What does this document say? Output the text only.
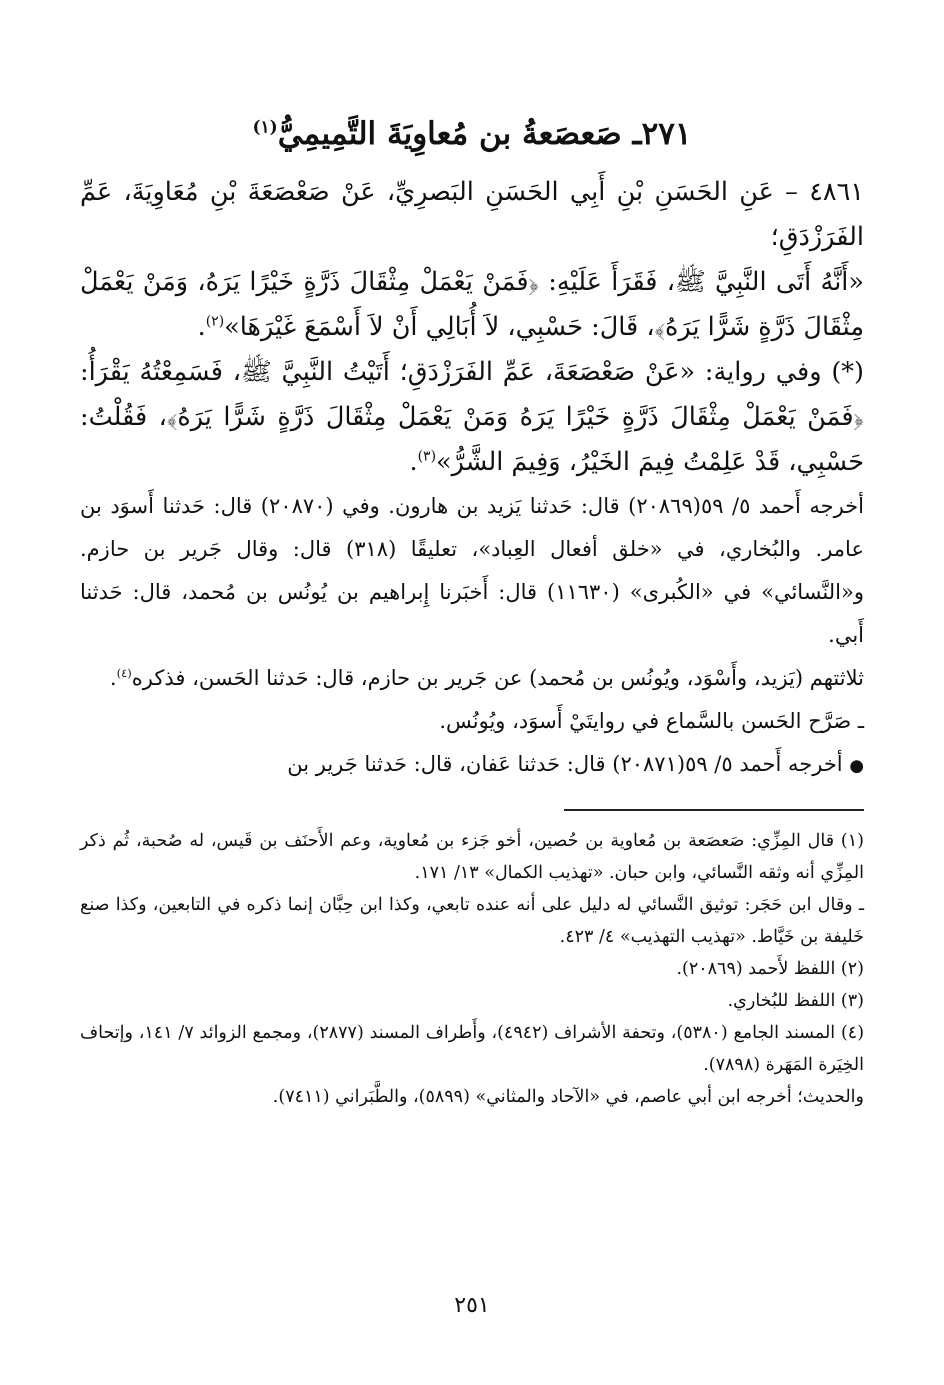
٢٧١ـ صَعصَعةُ بن مُعاوِيَةَ التَّمِيمِيُّ$^{(١)}$

٤٨٦١ – عَنِ الحَسَنِ بْنِ أَبِي الحَسَنِ البَصرِيِّ، عَنْ صَعْصَعَةَ بْنِ مُعَاوِيَةَ، عَمِّ الفَرَزْدَقِ؛

«أَنَّهُ أَتَى النَّبِيَّ ﷺ، فَقَرَأَ عَلَيْهِ: ﴿فَمَنْ يَعْمَلْ مِثْقَالَ ذَرَّةٍ خَيْرًا يَرَهُ، وَمَنْ يَعْمَلْ مِثْقَالَ ذَرَّةٍ شَرًّا يَرَهُ﴾، قَالَ: حَسْبِي، لاَ أُبَالِي أَنْ لاَ أَسْمَعَ غَيْرَهَا»$^{(٢)}$.

(*) وفي رواية: «عَنْ صَعْصَعَةَ، عَمِّ الفَرَزْدَقِ؛ أَتَيْتُ النَّبِيَّ ﷺ، فَسَمِعْتُهُ يَقْرَأُ: ﴿فَمَنْ يَعْمَلْ مِثْقَالَ ذَرَّةٍ خَيْرًا يَرَهُ وَمَنْ يَعْمَلْ مِثْقَالَ ذَرَّةٍ شَرًّا يَرَهُ﴾، فَقُلْتُ: حَسْبِي، قَدْ عَلِمْتُ فِيمَ الخَيْرُ، وَفِيمَ الشَّرُّ»$^{(٣)}$.

أخرجه أَحمد ٥/ ٥٩(٢٠٨٦٩) قال: حَدثنا يَزيد بن هارون. وفي (٢٠٨٧٠) قال: حَدثنا أَسوَد بن عامر. والبُخاري، في «خلق أفعال العِباد»، تعليقًا (٣١٨) قال: وقال جَرير بن حازم. و«النَّسائي» في «الكُبرى» (١١٦٣٠) قال: أَخبَرنا إِبراهيم بن يُونُس بن مُحمد، قال: حَدثنا أَبي.

ثلاثتهم (يَزيد، وأَسْوَد، ويُونُس بن مُحمد) عن جَرير بن حازم، قال: حَدثنا الحَسن، فذكره$^{(٤)}$.

ـ صَرَّح الحَسن بالسَّماع في روايتَيْ أَسوَد، ويُونُس.

● أخرجه أَحمد ٥/ ٥٩(٢٠٨٧١) قال: حَدثنا عَفان، قال: حَدثنا جَرير بن

(١) قال المِزِّي: صَعصَعة بن مُعاوية بن حُصين، أخو جَزء بن مُعاوية، وعم الأَحنَف بن قَيس، له صُحبة، ثُم ذكر المِزِّي أنه وثقه النَّسائي، وابن حبان. «تهذيب الكمال» ١٣/ ١٧١.

ـ وقال ابن حَجَر: توثيق النَّسائي له دليل على أنه عنده تابعي، وكذا ابن حِبَّان إنما ذكره في التابعين، وكذا صنع خَليفة بن خَيَّاط. «تهذيب التهذيب» ٤/ ٤٢٣.

(٢) اللفظ لأَحمد (٢٠٨٦٩).

(٣) اللفظ للبُخاري.

(٤) المسند الجامع (٥٣٨٠)، وتحفة الأشراف (٤٩٤٢)، وأَطراف المسند (٢٨٧٧)، ومجمع الزوائد ٧/ ١٤١، وإتحاف الخِيَرة المَهَرة (٧٨٩٨).

والحديث؛ أخرجه ابن أبي عاصم، في «الآحاد والمثاني» (٥٨٩٩)، والطَّبَراني (٧٤١١).

٢٥١
